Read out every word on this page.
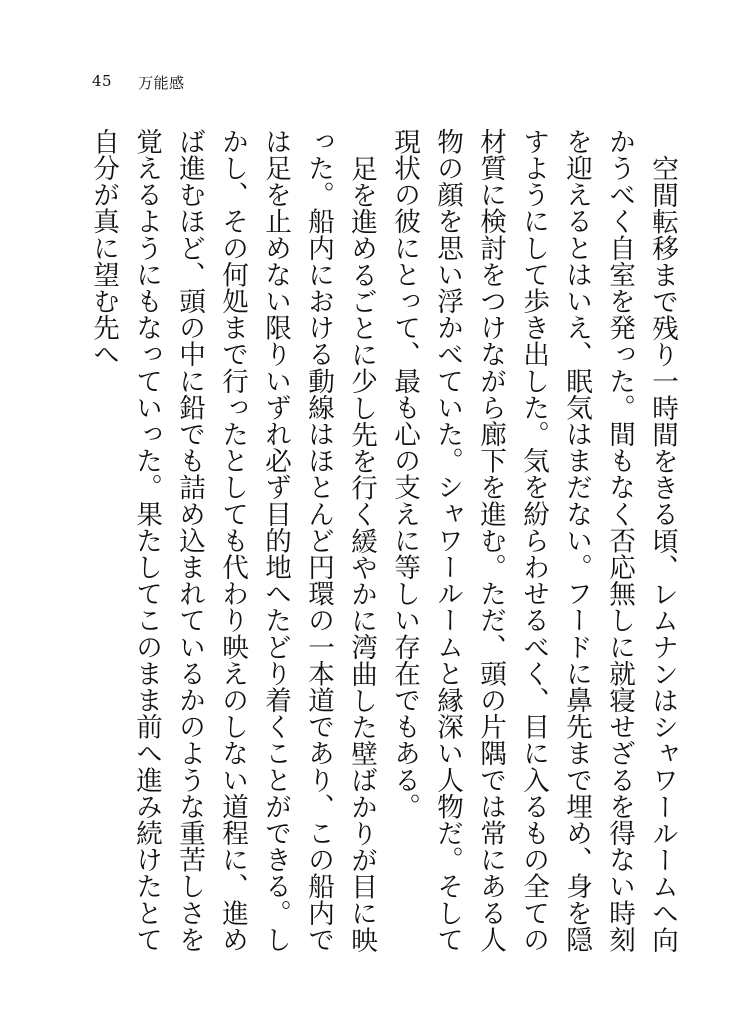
45 万能感

空間転移まで残り一時間をきる頃、レムナンはシャワールームへ向かうべく自室を発った。間もなく否応無しに就寝せざるを得ない時刻を迎えるとはいえ、眠気はまだない。フードに鼻先まで埋め、身を隠すようにして歩き出した。気を紛らわせるべく、目に入るもの全ての材質に検討をつけながら廊下を進む。ただ、頭の片隅では常にある人物の顔を思い浮かべていた。シャワールームと縁深い人物だ。そして現状の彼にとって、最も心の支えに等しい存在でもある。

足を進めるごとに少し先を行く緩やかに湾曲した壁ばかりが目に映った。船内における動線はほとんど円環の一本道であり、この船内では足を止めない限りいずれ必ず目的地へたどり着くことができる。しかし、その何処まで行ったとしても代わり映えのしない道程に、進めば進むほど、頭の中に鉛でも詰め込まれているかのような重苦しさを覚えるようにもなっていった。果たしてこのまま前へ進み続けたとて自分が真に望む先へ
